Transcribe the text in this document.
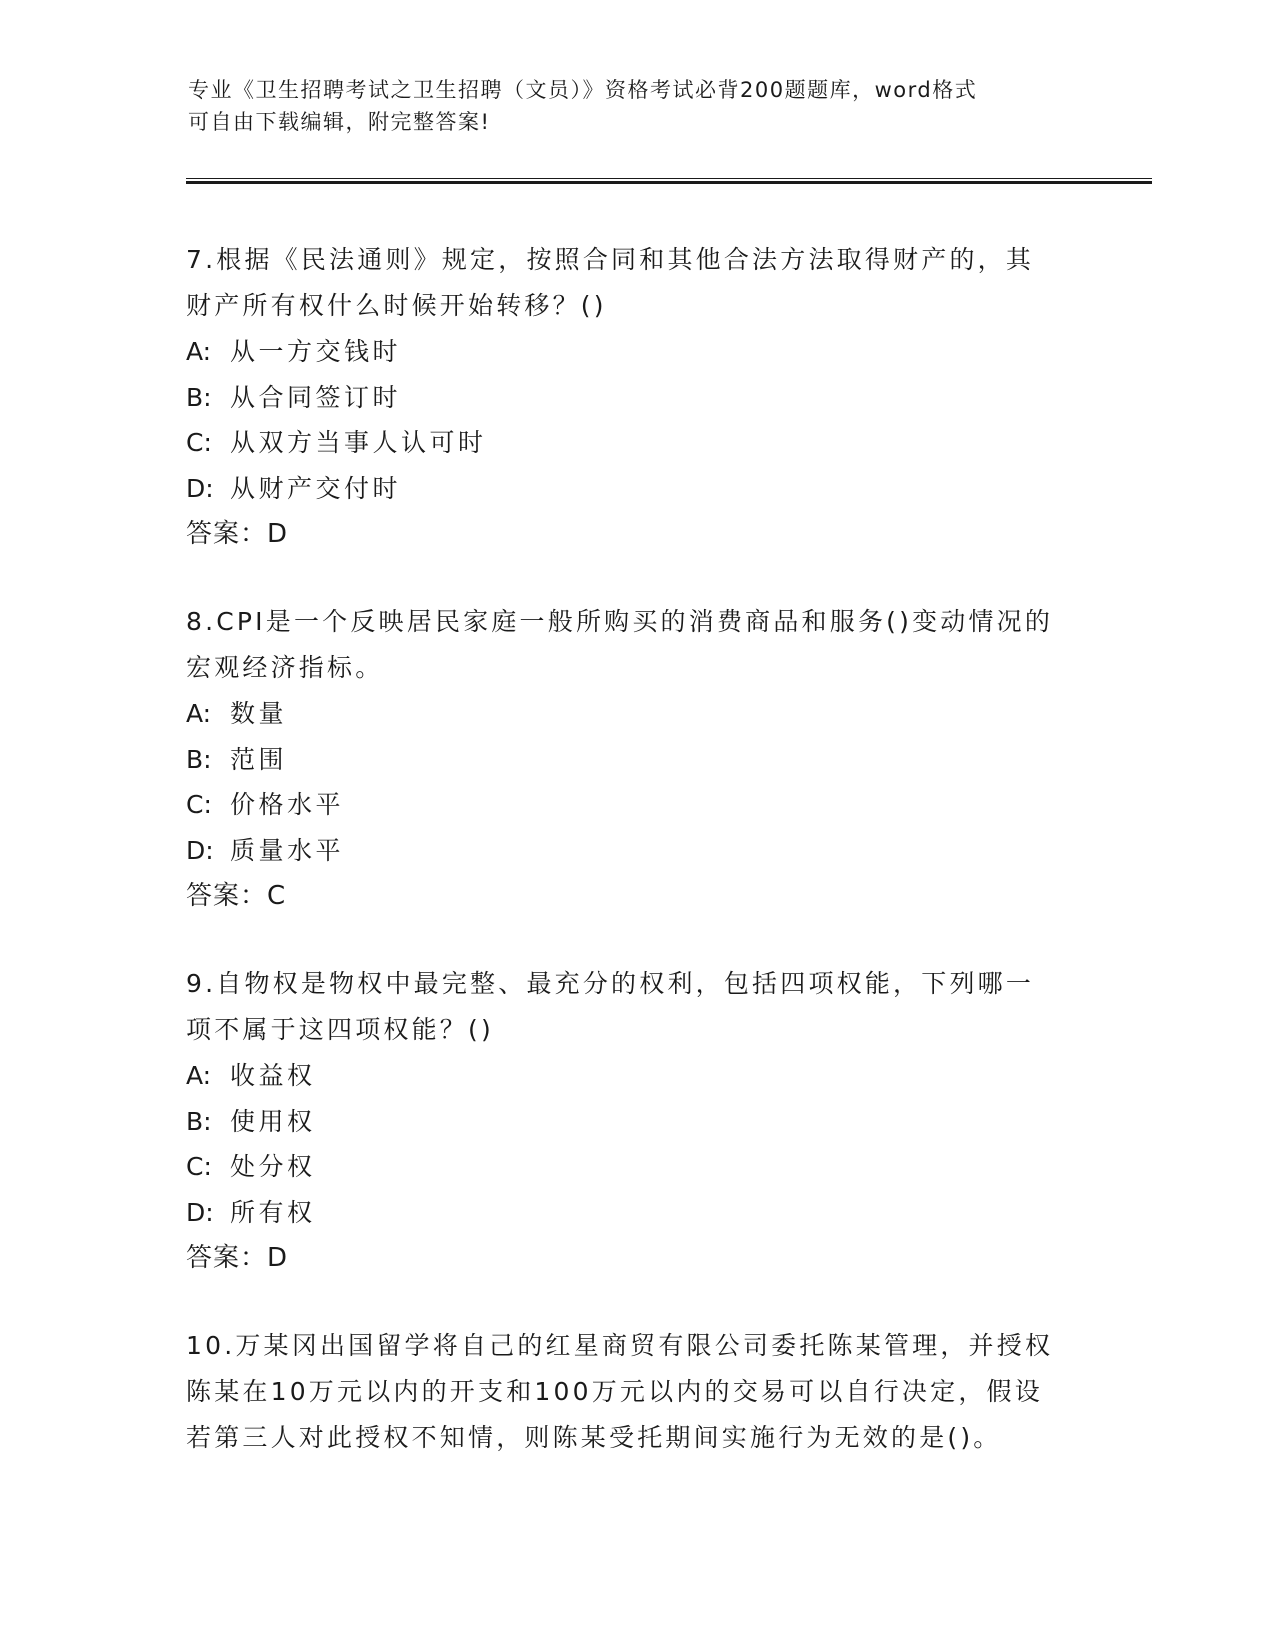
专业《卫生招聘考试之卫生招聘（文员）》资格考试必背200题题库，word格式
可自由下载编辑，附完整答案!

7.根据《民法通则》规定，按照合同和其他合法方法取得财产的，其
财产所有权什么时候开始转移？()

A: 从一方交钱时
B: 从合同签订时
C: 从双方当事人认可时
D: 从财产交付时
答案：D

8.CPI是一个反映居民家庭一般所购买的消费商品和服务()变动情况的
宏观经济指标。

A: 数量
B: 范围
C: 价格水平
D: 质量水平
答案：C

9.自物权是物权中最完整、最充分的权利，包括四项权能，下列哪一
项不属于这四项权能？()

A: 收益权
B: 使用权
C: 处分权
D: 所有权
答案：D

10.万某冈出国留学将自己的红星商贸有限公司委托陈某管理，并授权
陈某在10万元以内的开支和100万元以内的交易可以自行决定，假设
若第三人对此授权不知情，则陈某受托期间实施行为无效的是()。
